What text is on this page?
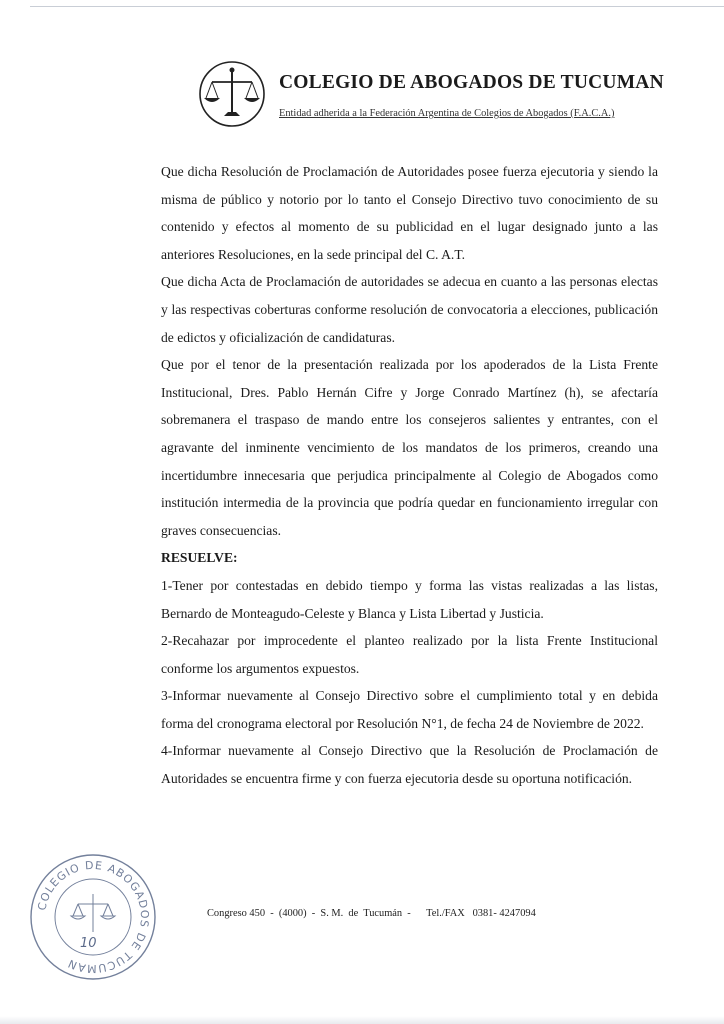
COLEGIO DE ABOGADOS DE TUCUMAN
Entidad adherida a la Federación Argentina de Colegios de Abogados (F.A.C.A.)

Que dicha Resolución de Proclamación de Autoridades posee fuerza ejecutoria y siendo la misma de público y notorio por lo tanto el Consejo Directivo tuvo conocimiento de su contenido y efectos al momento de su publicidad en el lugar designado junto a las anteriores Resoluciones, en la sede principal del C. A.T.

Que dicha Acta de Proclamación de autoridades se adecua en cuanto a las personas electas y las respectivas coberturas conforme resolución de convocatoria a elecciones, publicación de edictos y oficialización de candidaturas.

Que por el tenor de la presentación realizada por los apoderados de la Lista Frente Institucional, Dres. Pablo Hernán Cifre y Jorge Conrado Martínez (h), se afectaría sobremanera el traspaso de mando entre los consejeros salientes y entrantes, con el agravante del inminente vencimiento de los mandatos de los primeros, creando una incertidumbre innecesaria que perjudica principalmente al Colegio de Abogados como institución intermedia de la provincia que podría quedar en funcionamiento irregular con graves consecuencias.

RESUELVE:

1-Tener por contestadas en debido tiempo y forma las vistas realizadas a las listas, Bernardo de Monteagudo-Celeste y Blanca y Lista Libertad y Justicia.

2-Recahazar por improcedente el planteo realizado por la lista Frente Institucional conforme los argumentos expuestos.

3-Informar nuevamente al Consejo Directivo sobre el cumplimiento total y en debida forma del cronograma electoral por Resolución N°1, de fecha 24 de Noviembre de 2022.

4-Informar nuevamente al Consejo Directivo que la Resolución de Proclamación de Autoridades se encuentra firme y con fuerza ejecutoria desde su oportuna notificación.

COLEGIO DE ABOGADOS DE TUCUMAN
10
Congreso 450  -  (4000)  -  S. M.  de  Tucumán  -      Tel./FAX   0381- 4247094
